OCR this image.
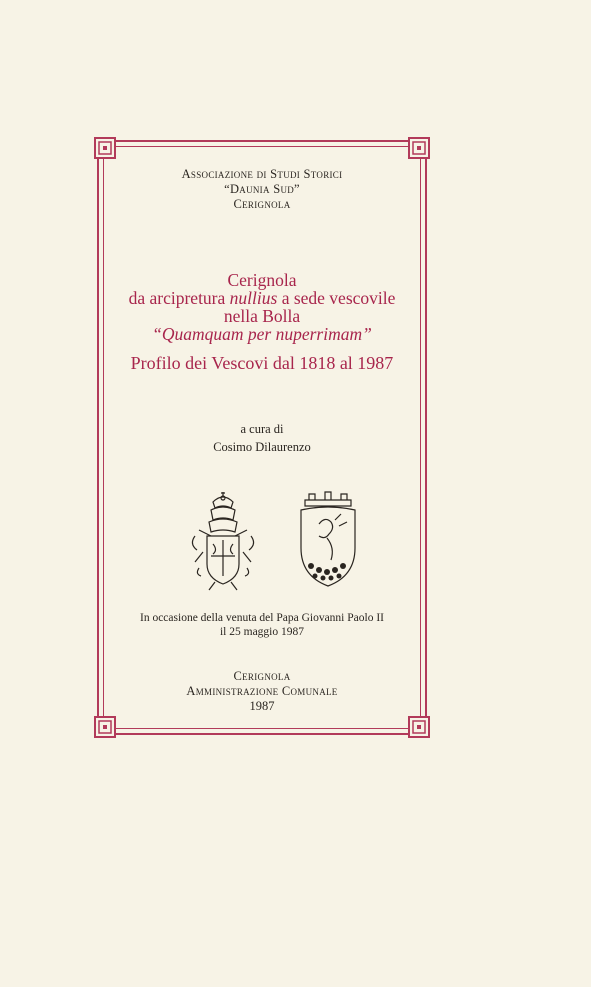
Associazione di Studi Storici
“Daunia Sud”
Cerignola
Cerignola
da arcipretura nullius a sede vescovile
nella Bolla
“Quamquam per nuperrimam”
Profilo dei Vescovi dal 1818 al 1987
a cura di
Cosimo Dilaurenzo
In occasione della venuta del Papa Giovanni Paolo II
il 25 maggio 1987
Cerignola
Amministrazione Comunale
1987
